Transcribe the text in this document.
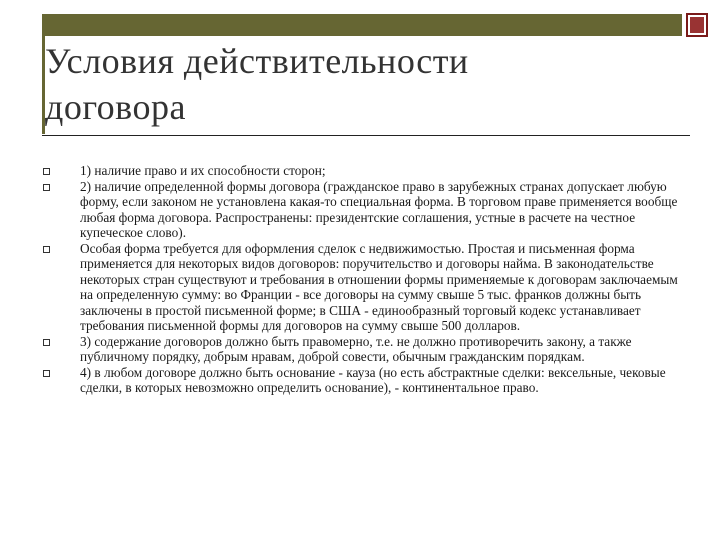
Условия действительности
договора
1) наличие право и их способности сторон;
2) наличие определенной формы договора (гражданское право в зарубежных странах допускает любую форму, если законом не установлена какая-то специальная форма. В торговом праве применяется вообще любая форма договора. Распространены: президентские соглашения, устные в расчете на честное купеческое слово).
Особая форма требуется для оформления сделок с недвижимостью. Простая и письменная форма применяется для некоторых видов договоров: поручительство и договоры найма. В законодательстве некоторых стран существуют и требования в отношении формы применяемые к договорам заключаемым на определенную сумму: во Франции - все договоры на сумму свыше 5 тыс. франков должны быть заключены в простой письменной форме; в США - единообразный торговый кодекс устанавливает требования письменной формы для договоров на сумму свыше 500 долларов.
3) содержание договоров должно быть правомерно, т.е. не должно противоречить закону, а также публичному порядку, добрым нравам, доброй совести, обычным гражданским порядкам.
4) в любом договоре должно быть основание - кауза (но есть абстрактные сделки: вексельные, чековые сделки, в которых невозможно определить основание), - континентальное право.
